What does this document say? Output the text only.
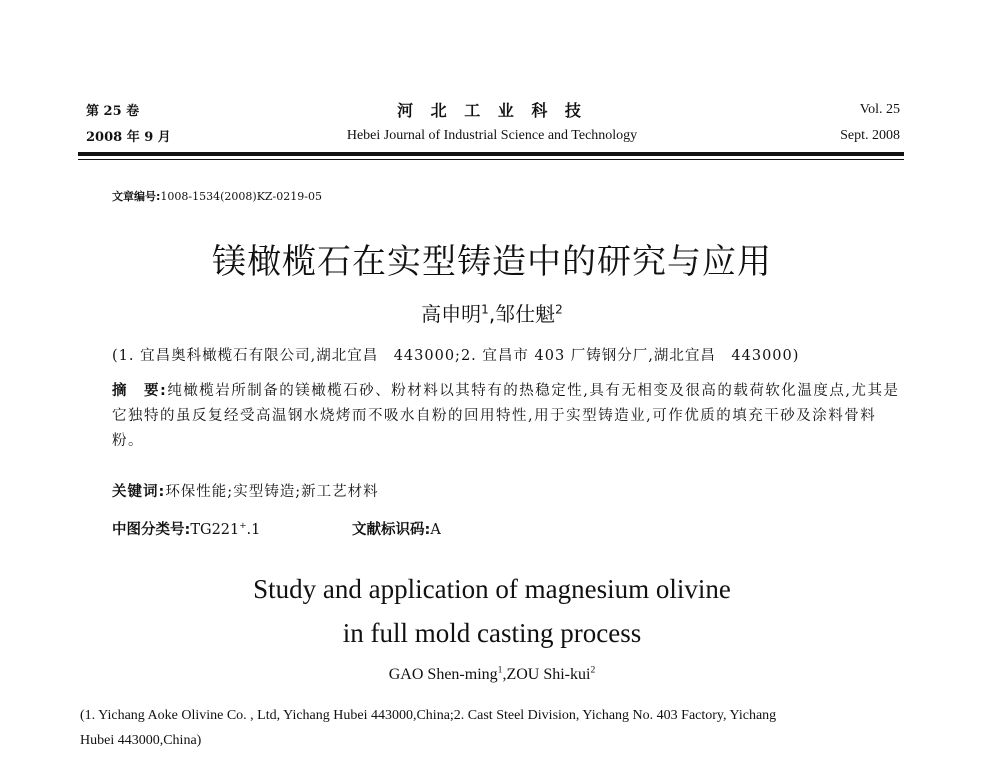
第 25 卷
2008 年 9 月
河 北 工 业 科 技
Hebei Journal of Industrial Science and Technology
Vol. 25
Sept. 2008
文章编号:1008-1534(2008)KZ-0219-05
镁橄榄石在实型铸造中的研究与应用
高申明$^1$,邹仕魁$^2$
(1. 宜昌奥科橄榄石有限公司,湖北宜昌　443000;2. 宜昌市 403 厂铸钢分厂,湖北宜昌　443000)
摘　要:纯橄榄岩所制备的镁橄榄石砂、粉材料以其特有的热稳定性,具有无相变及很高的载荷软化温度点,尤其是它独特的虽反复经受高温钢水烧烤而不吸水自粉的回用特性,用于实型铸造业,可作优质的填充干砂及涂料骨料粉。
关键词:环保性能;实型铸造;新工艺材料
中图分类号:TG221+.1	文献标识码:A
Study and application of magnesium olivine
in full mold casting process
GAO Shen-ming$^1$,ZOU Shi-kui$^2$
(1. Yichang Aoke Olivine Co. , Ltd, Yichang Hubei 443000,China;2. Cast Steel Division, Yichang No. 403 Factory, Yichang
Hubei 443000,China)
